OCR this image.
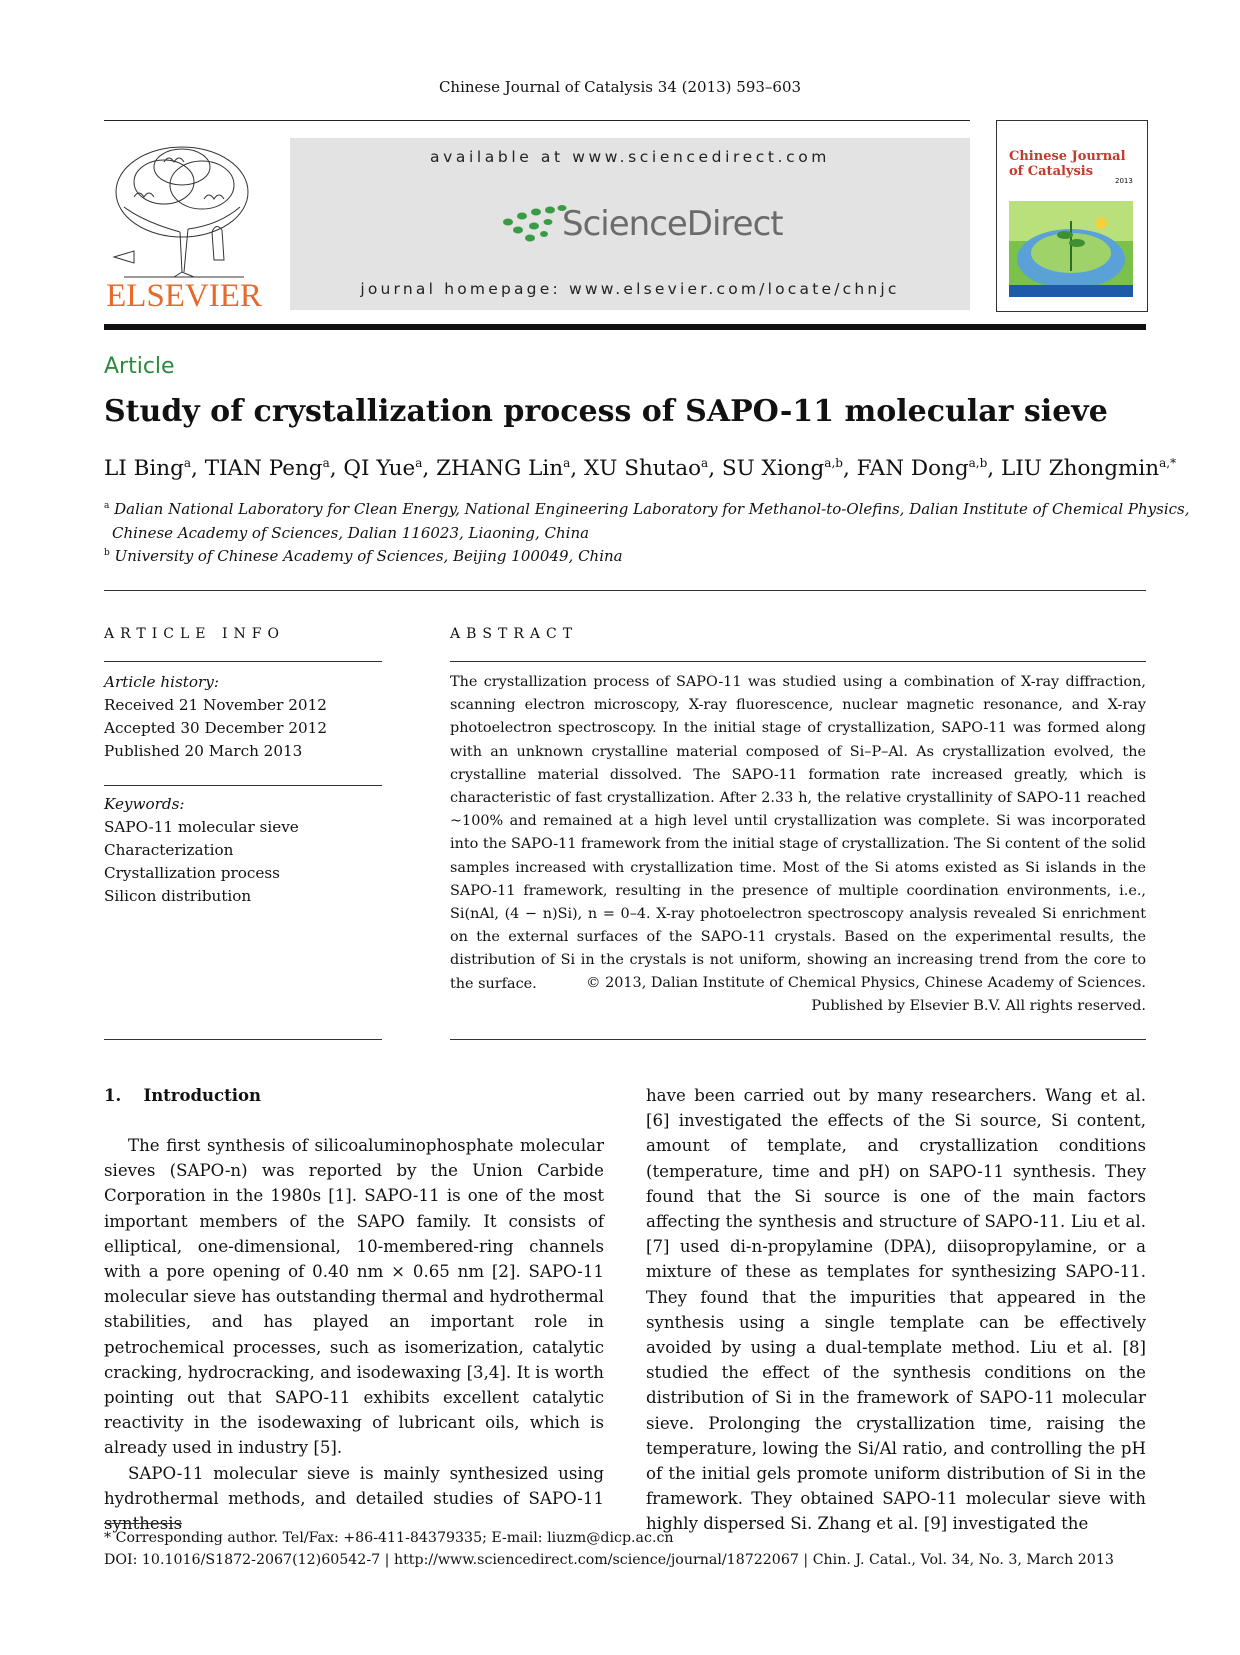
Chinese Journal of Catalysis 34 (2013) 593–603
ELSEVIER
available at www.sciencedirect.com
ScienceDirect
journal homepage: www.elsevier.com/locate/chnjc
Chinese Journal of Catalysis
2013
Article
Study of crystallization process of SAPO-11 molecular sieve
LI Bing$^a$, TIAN Peng$^a$, QI Yue$^a$, ZHANG Lin$^a$, XU Shutao$^a$, SU Xiong$^{a,b}$, FAN Dong$^{a,b}$, LIU Zhongmin$^{a,*}$
$^a$ Dalian National Laboratory for Clean Energy, National Engineering Laboratory for Methanol-to-Olefins, Dalian Institute of Chemical Physics,
Chinese Academy of Sciences, Dalian 116023, Liaoning, China
$^b$ University of Chinese Academy of Sciences, Beijing 100049, China
ARTICLE INFO	ABSTRACT
Article history:
Received 21 November 2012
Accepted 30 December 2012
Published 20 March 2013
Keywords:
SAPO-11 molecular sieve
Characterization
Crystallization process
Silicon distribution
The crystallization process of SAPO-11 was studied using a combination of X-ray diffraction, scanning electron microscopy, X-ray fluorescence, nuclear magnetic resonance, and X-ray photoelectron spectroscopy. In the initial stage of crystallization, SAPO-11 was formed along with an unknown crystalline material composed of Si–P–Al. As crystallization evolved, the crystalline material dissolved. The SAPO-11 formation rate increased greatly, which is characteristic of fast crystallization. After 2.33 h, the relative crystallinity of SAPO-11 reached ~100% and remained at a high level until crystallization was complete. Si was incorporated into the SAPO-11 framework from the initial stage of crystallization. The Si content of the solid samples increased with crystallization time. Most of the Si atoms existed as Si islands in the SAPO-11 framework, resulting in the presence of multiple coordination environments, i.e., Si(nAl, (4 − n)Si), n = 0–4. X-ray photoelectron spectroscopy analysis revealed Si enrichment on the external surfaces of the SAPO-11 crystals. Based on the experimental results, the distribution of Si in the crystals is not uniform, showing an increasing trend from the core to the surface.	© 2013, Dalian Institute of Chemical Physics, Chinese Academy of Sciences.
Published by Elsevier B.V. All rights reserved.
1.  Introduction

The first synthesis of silicoaluminophosphate molecular sieves (SAPO-n) was reported by the Union Carbide Corporation in the 1980s [1]. SAPO-11 is one of the most important members of the SAPO family. It consists of elliptical, one-dimensional, 10-membered-ring channels with a pore opening of 0.40 nm × 0.65 nm [2]. SAPO-11 molecular sieve has outstanding thermal and hydrothermal stabilities, and has played an important role in petrochemical processes, such as isomerization, catalytic cracking, hydrocracking, and isodewaxing [3,4]. It is worth pointing out that SAPO-11 exhibits excellent catalytic reactivity in the isodewaxing of lubricant oils, which is already used in industry [5].

SAPO-11 molecular sieve is mainly synthesized using hydrothermal methods, and detailed studies of SAPO-11 synthesis

have been carried out by many researchers. Wang et al. [6] investigated the effects of the Si source, Si content, amount of template, and crystallization conditions (temperature, time and pH) on SAPO-11 synthesis. They found that the Si source is one of the main factors affecting the synthesis and structure of SAPO-11. Liu et al. [7] used di-n-propylamine (DPA), diisopropylamine, or a mixture of these as templates for synthesizing SAPO-11. They found that the impurities that appeared in the synthesis using a single template can be effectively avoided by using a dual-template method. Liu et al. [8] studied the effect of the synthesis conditions on the distribution of Si in the framework of SAPO-11 molecular sieve. Prolonging the crystallization time, raising the temperature, lowing the Si/Al ratio, and controlling the pH of the initial gels promote uniform distribution of Si in the framework. They obtained SAPO-11 molecular sieve with highly dispersed Si. Zhang et al. [9] investigated the

* Corresponding author. Tel/Fax: +86-411-84379335; E-mail: liuzm@dicp.ac.cn
DOI: 10.1016/S1872-2067(12)60542-7 | http://www.sciencedirect.com/science/journal/18722067 | Chin. J. Catal., Vol. 34, No. 3, March 2013
